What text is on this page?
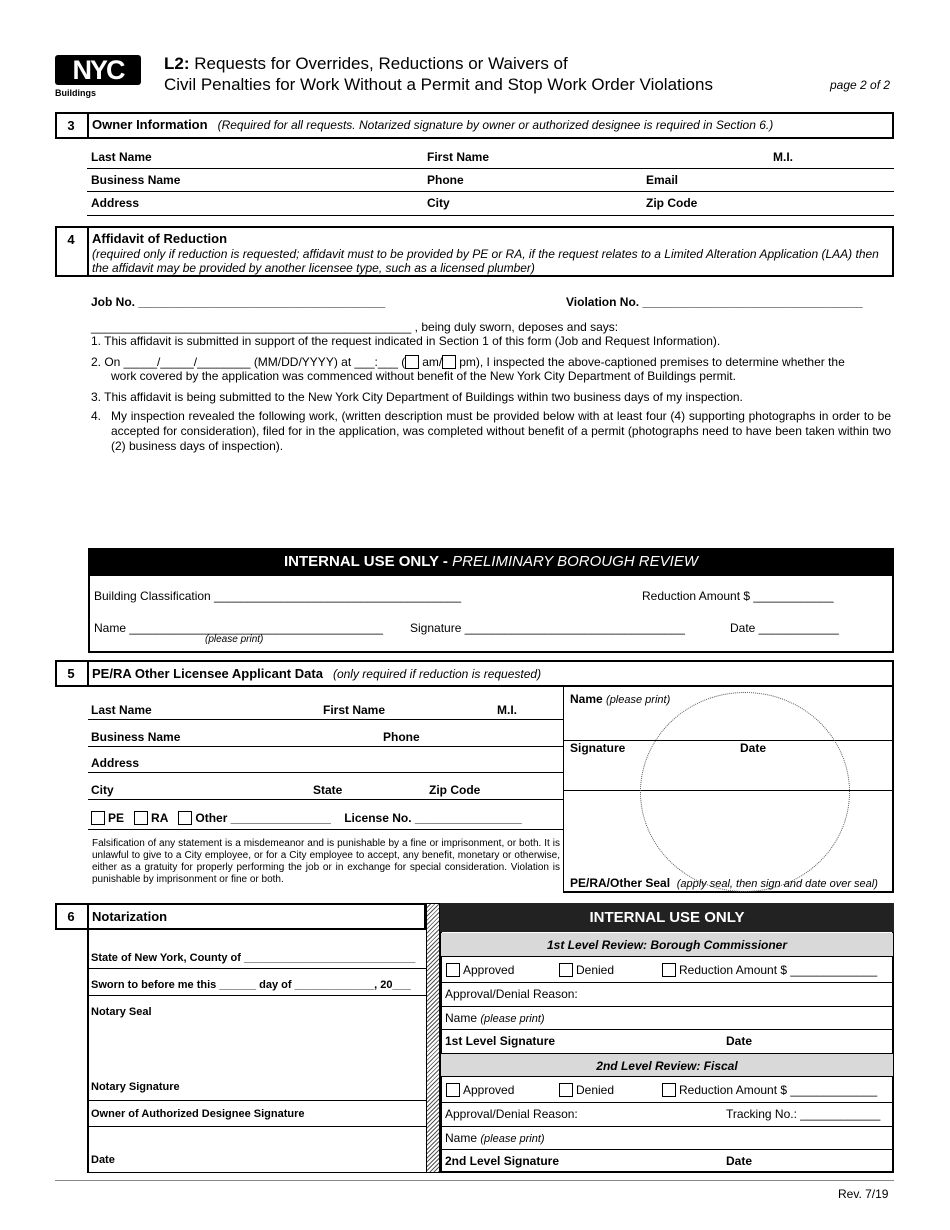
NYC
Buildings
L2: Requests for Overrides, Reductions or Waivers of
Civil Penalties for Work Without a Permit and Stop Work Order Violations	page 2 of 2
3	Owner Information (Required for all requests. Notarized signature by owner or authorized designee is required in Section 6.)
Last Name	First Name	M.I.
Business Name	Phone	Email
Address	City	Zip Code
4	Affidavit of Reduction
(required only if reduction is requested; affidavit must to be provided by PE or RA, if the request relates to a Limited Alteration Application (LAA) then the affidavit may be provided by another licensee type, such as a licensed plumber)
Job No. _____________________________________	Violation No. _________________________________
________________________________________________ , being duly sworn, deposes and says:
1. This affidavit is submitted in support of the request indicated in Section 1 of this form (Job and Request Information).
2. On _____/_____/________ (MM/DD/YYYY) at ___:___ ( am/ pm), I inspected the above-captioned premises to determine whether the
work covered by the application was commenced without benefit of the New York City Department of Buildings permit.
3. This affidavit is being submitted to the New York City Department of Buildings within two business days of my inspection.
4. My inspection revealed the following work, (written description must be provided below with at least four (4) supporting photographs in order to be accepted for consideration), filed for in the application, was completed without benefit of a permit (photographs need to have been taken within two (2) business days of inspection).
INTERNAL USE ONLY - PRELIMINARY BOROUGH REVIEW
Building Classification _____________________________________	Reduction Amount $ ____________
Name ______________________________________
(please print)
Signature _________________________________	Date ____________
5	PE/RA Other Licensee Applicant Data (only required if reduction is requested)
Name (please print)
Signature	Date
PE/RA/Other Seal (apply seal, then sign and date over seal)
Last Name	First Name	M.I.
Business Name	Phone
Address
City	State	Zip Code
PE RA Other _______________ License No. ________________
Falsification of any statement is a misdemeanor and is punishable by a fine or imprisonment, or both. It is unlawful to give to a City employee, or for a City employee to accept, any benefit, monetary or otherwise, either as a gratuity for properly performing the job or in exchange for special consideration. Violation is punishable by imprisonment or fine or both.
6	Notarization
State of New York, County of ____________________________
Sworn to before me this ______ day of _____________, 20___
Notary Seal
Notary Signature
Owner of Authorized Designee Signature
Date
INTERNAL USE ONLY
1st Level Review: Borough Commissioner
Approved	Denied	Reduction Amount $ _____________
Approval/Denial Reason:
Name (please print)
1st Level Signature	Date
2nd Level Review: Fiscal
Approved	Denied	Reduction Amount $ _____________
Approval/Denial Reason:	Tracking No.: ____________
Name (please print)
2nd Level Signature	Date
Rev. 7/19
